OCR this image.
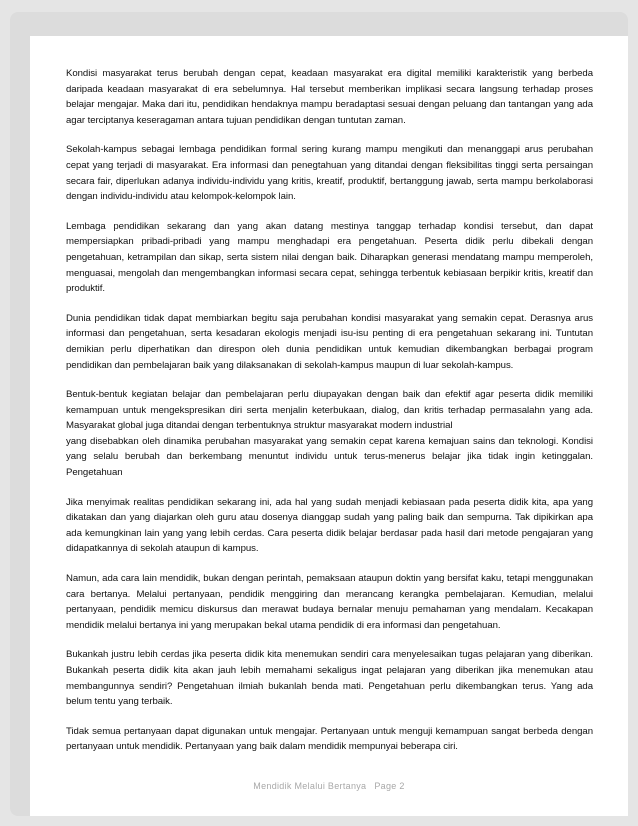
Kondisi masyarakat terus berubah dengan cepat, keadaan masyarakat era digital memiliki karakteristik yang berbeda daripada keadaan masyarakat di era sebelumnya. Hal tersebut memberikan implikasi secara langsung terhadap proses belajar mengajar. Maka dari itu, pendidikan hendaknya mampu beradaptasi sesuai dengan peluang dan tantangan yang ada agar terciptanya keseragaman antara tujuan pendidikan dengan tuntutan zaman.

Sekolah-kampus sebagai lembaga pendidikan formal sering kurang mampu mengikuti dan menanggapi arus perubahan cepat yang terjadi di masyarakat. Era informasi dan penegtahuan yang ditandai dengan fleksibilitas tinggi serta persaingan secara fair, diperlukan adanya individu-individu yang kritis, kreatif, produktif, bertanggung jawab, serta mampu berkolaborasi dengan individu-individu atau kelompok-kelompok lain.

Lembaga pendidikan sekarang dan yang akan datang mestinya tanggap terhadap kondisi tersebut, dan dapat mempersiapkan pribadi-pribadi yang mampu menghadapi era pengetahuan. Peserta didik perlu dibekali dengan pengetahuan, ketrampilan dan sikap, serta sistem nilai dengan baik. Diharapkan generasi mendatang mampu memperoleh, menguasai, mengolah dan mengembangkan informasi secara cepat, sehingga terbentuk kebiasaan berpikir kritis, kreatif dan produktif.

Dunia pendidikan tidak dapat membiarkan begitu saja perubahan kondisi masyarakat yang semakin cepat. Derasnya arus informasi dan pengetahuan, serta kesadaran ekologis menjadi isu-isu penting di era pengetahuan sekarang ini. Tuntutan demikian perlu diperhatikan dan direspon oleh dunia pendidikan untuk kemudian dikembangkan berbagai program pendidikan dan pembelajaran baik yang dilaksanakan di sekolah-kampus maupun di luar sekolah-kampus.

Bentuk-bentuk kegiatan belajar dan pembelajaran perlu diupayakan dengan baik dan efektif agar peserta didik memiliki kemampuan untuk mengekspresikan diri serta menjalin keterbukaan, dialog, dan kritis terhadap permasalahn yang ada. Masyarakat global juga ditandai dengan terbentuknya struktur masyarakat modern industrial
yang disebabkan oleh dinamika perubahan masyarakat yang semakin cepat karena kemajuan sains dan teknologi. Kondisi yang selalu berubah dan berkembang menuntut individu untuk terus-menerus belajar jika tidak ingin ketinggalan. Pengetahuan

Jika menyimak realitas pendidikan sekarang ini, ada hal yang sudah menjadi kebiasaan pada peserta didik kita, apa yang dikatakan dan yang diajarkan oleh guru atau dosenya dianggap sudah yang paling baik dan sempurna. Tak dipikirkan apa ada kemungkinan lain yang yang lebih cerdas. Cara peserta didik belajar berdasar pada hasil dari metode pengajaran yang didapatkannya di sekolah ataupun di kampus.

Namun, ada cara lain mendidik, bukan dengan perintah, pemaksaan ataupun doktin yang bersifat kaku, tetapi menggunakan cara bertanya. Melalui pertanyaan, pendidik menggiring dan merancang kerangka pembelajaran. Kemudian, melalui pertanyaan, pendidik memicu diskursus dan merawat budaya bernalar menuju pemahaman yang mendalam. Kecakapan mendidik melalui bertanya ini yang merupakan bekal utama pendidik di era informasi dan pengetahuan.

Bukankah justru lebih cerdas jika peserta didik kita menemukan sendiri cara menyelesaikan tugas pelajaran yang diberikan. Bukankah peserta didik kita akan jauh lebih memahami sekaligus ingat pelajaran yang diberikan jika menemukan atau membangunnya sendiri? Pengetahuan ilmiah bukanlah benda mati. Pengetahuan perlu dikembangkan terus. Yang ada belum tentu yang terbaik.

Tidak semua pertanyaan dapat digunakan untuk mengajar. Pertanyaan untuk menguji kemampuan sangat berbeda dengan pertanyaan untuk mendidik. Pertanyaan yang baik dalam mendidik mempunyai beberapa ciri.

Mendidik Melalui Bertanya Page 2
